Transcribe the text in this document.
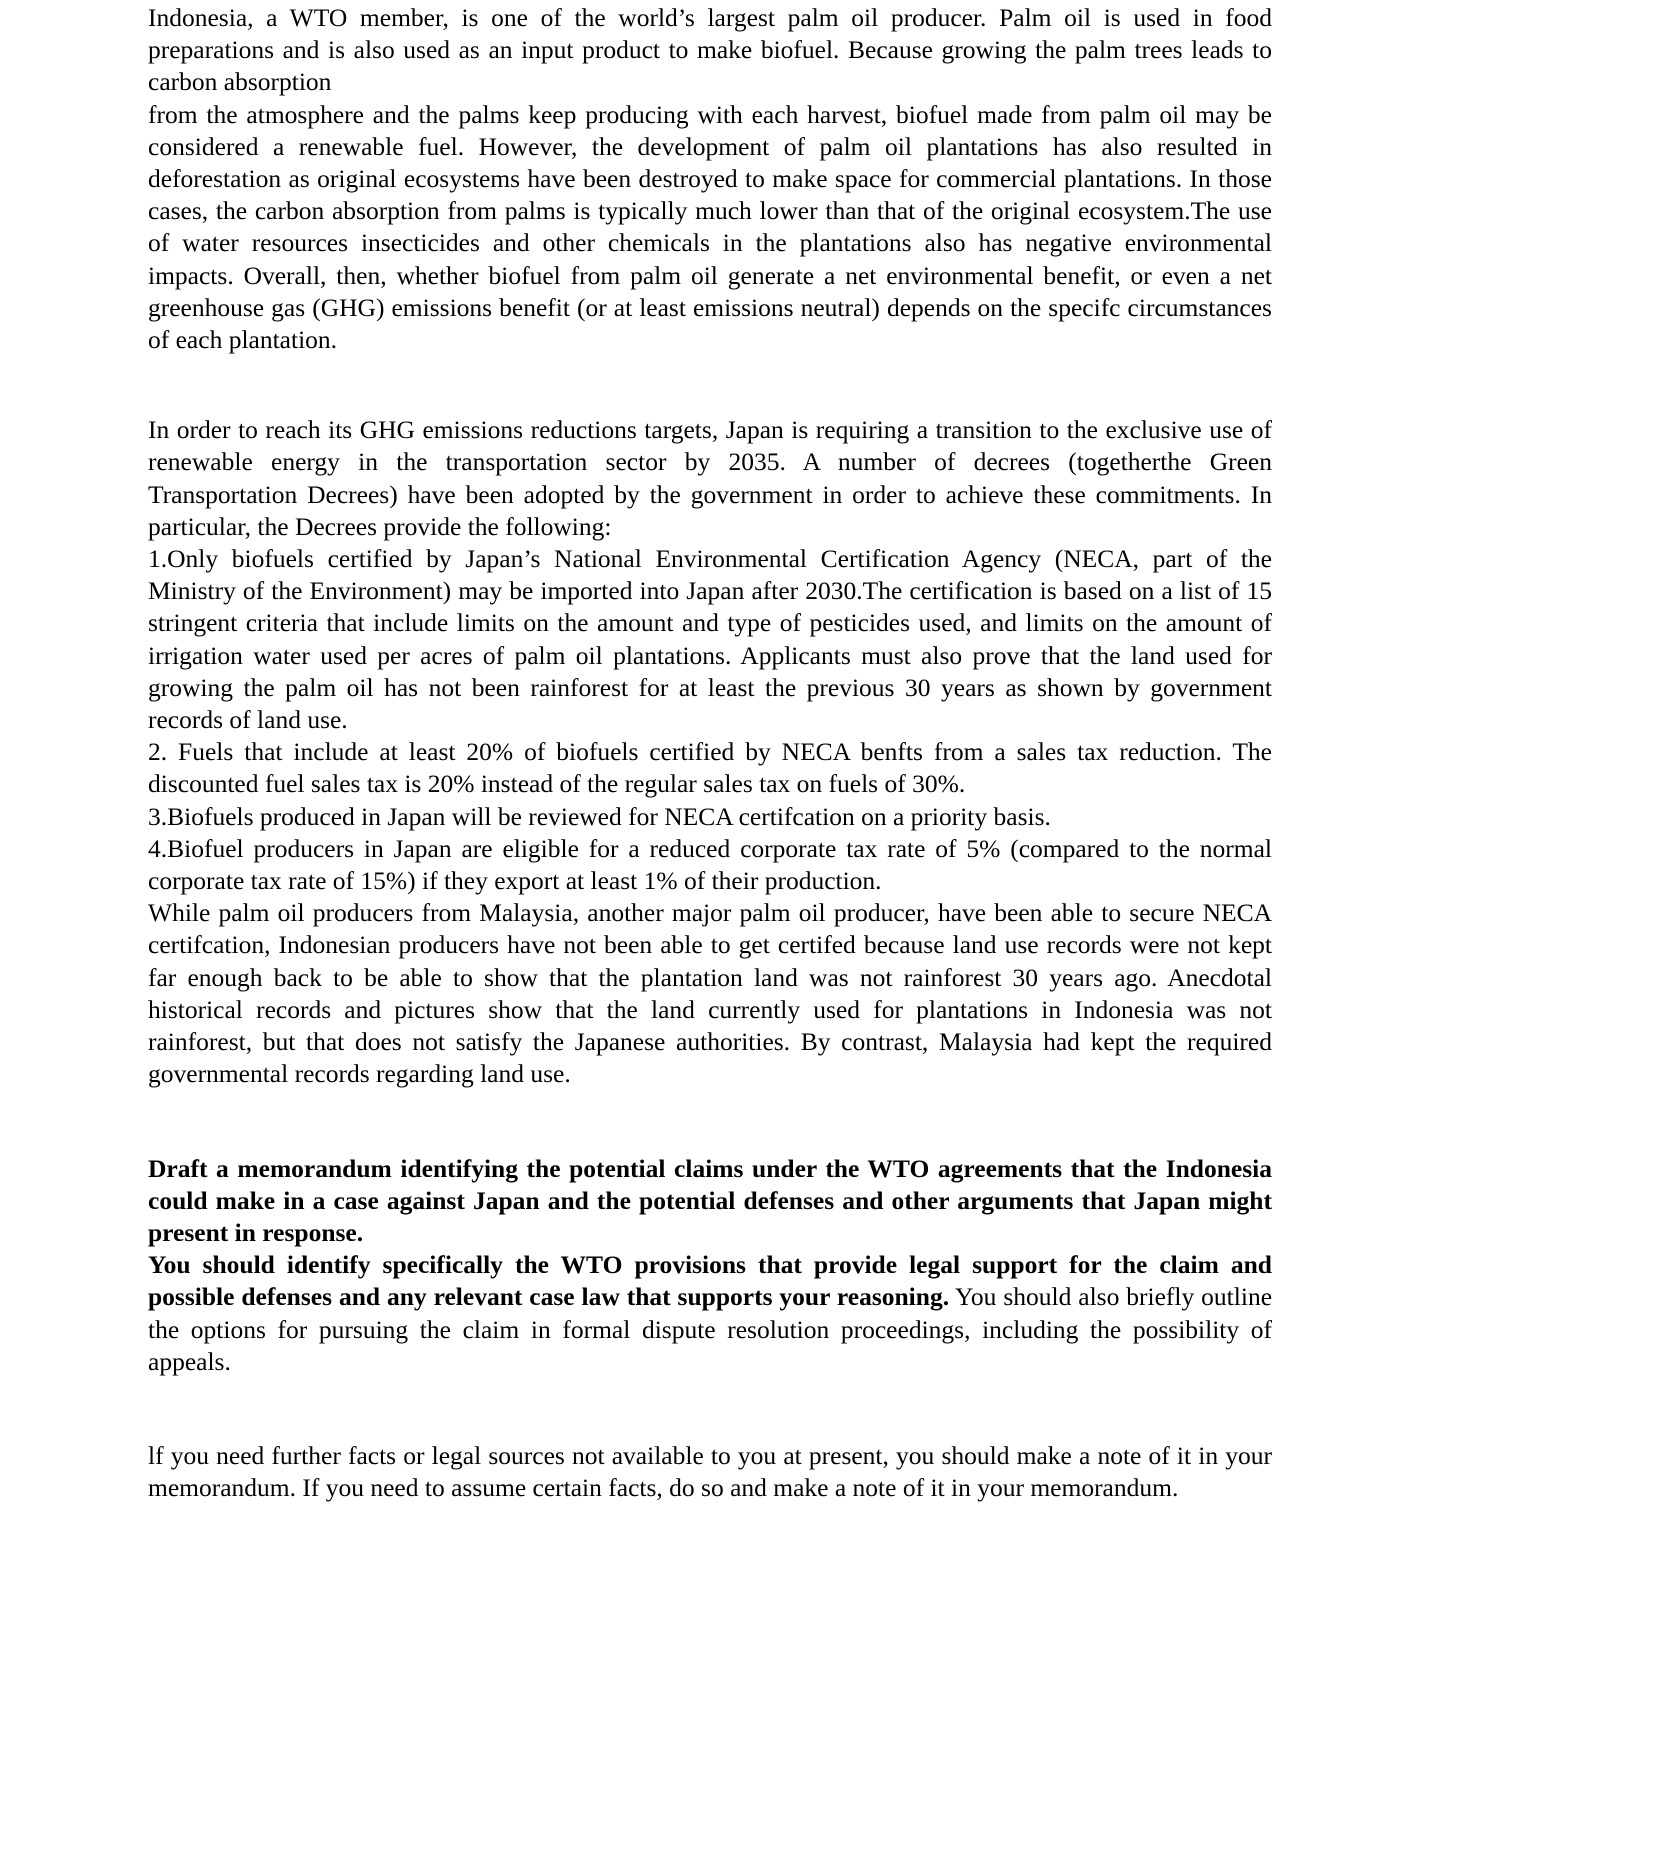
Indonesia, a WTO member, is one of the world’s largest palm oil producer. Palm oil is used in food preparations and is also used as an input product to make biofuel. Because growing the palm trees leads to carbon absorption

from the atmosphere and the palms keep producing with each harvest, biofuel made from palm oil may be considered a renewable fuel. However, the development of palm oil plantations has also resulted in deforestation as original ecosystems have been destroyed to make space for commercial plantations. In those cases, the carbon absorption from palms is typically much lower than that of the original ecosystem.The use of water resources insecticides and other chemicals in the plantations also has negative environmental impacts. Overall, then, whether biofuel from palm oil generate a net environmental benefit, or even a net greenhouse gas (GHG) emissions benefit (or at least emissions neutral) depends on the specifc circumstances of each plantation.

In order to reach its GHG emissions reductions targets, Japan is requiring a transition to the exclusive use of renewable energy in the transportation sector by 2035. A number of decrees (togetherthe Green Transportation Decrees) have been adopted by the government in order to achieve these commitments. In particular, the Decrees provide the following:

1.Only biofuels certified by Japan’s National Environmental Certification Agency (NECA, part of the Ministry of the Environment) may be imported into Japan after 2030.The certification is based on a list of 15 stringent criteria that include limits on the amount and type of pesticides used, and limits on the amount of irrigation water used per acres of palm oil plantations. Applicants must also prove that the land used for growing the palm oil has not been rainforest for at least the previous 30 years as shown by government records of land use.

2. Fuels that include at least 20% of biofuels certified by NECA benfts from a sales tax reduction. The discounted fuel sales tax is 20% instead of the regular sales tax on fuels of 30%.

3.Biofuels produced in Japan will be reviewed for NECA certifcation on a priority basis.

4.Biofuel producers in Japan are eligible for a reduced corporate tax rate of 5% (compared to the normal corporate tax rate of 15%) if they export at least 1% of their production.

While palm oil producers from Malaysia, another major palm oil producer, have been able to secure NECA certifcation, Indonesian producers have not been able to get certifed because land use records were not kept far enough back to be able to show that the plantation land was not rainforest 30 years ago. Anecdotal historical records and pictures show that the land currently used for plantations in Indonesia was not rainforest, but that does not satisfy the Japanese authorities. By contrast, Malaysia had kept the required governmental records regarding land use.

Draft a memorandum identifying the potential claims under the WTO agreements that the Indonesia could make in a case against Japan and the potential defenses and other arguments that Japan might present in response.

You should identify specifically the WTO provisions that provide legal support for the claim and possible defenses and any relevant case law that supports your reasoning. You should also briefly outline the options for pursuing the claim in formal dispute resolution proceedings, including the possibility of appeals.

lf you need further facts or legal sources not available to you at present, you should make a note of it in your memorandum. If you need to assume certain facts, do so and make a note of it in your memorandum.
